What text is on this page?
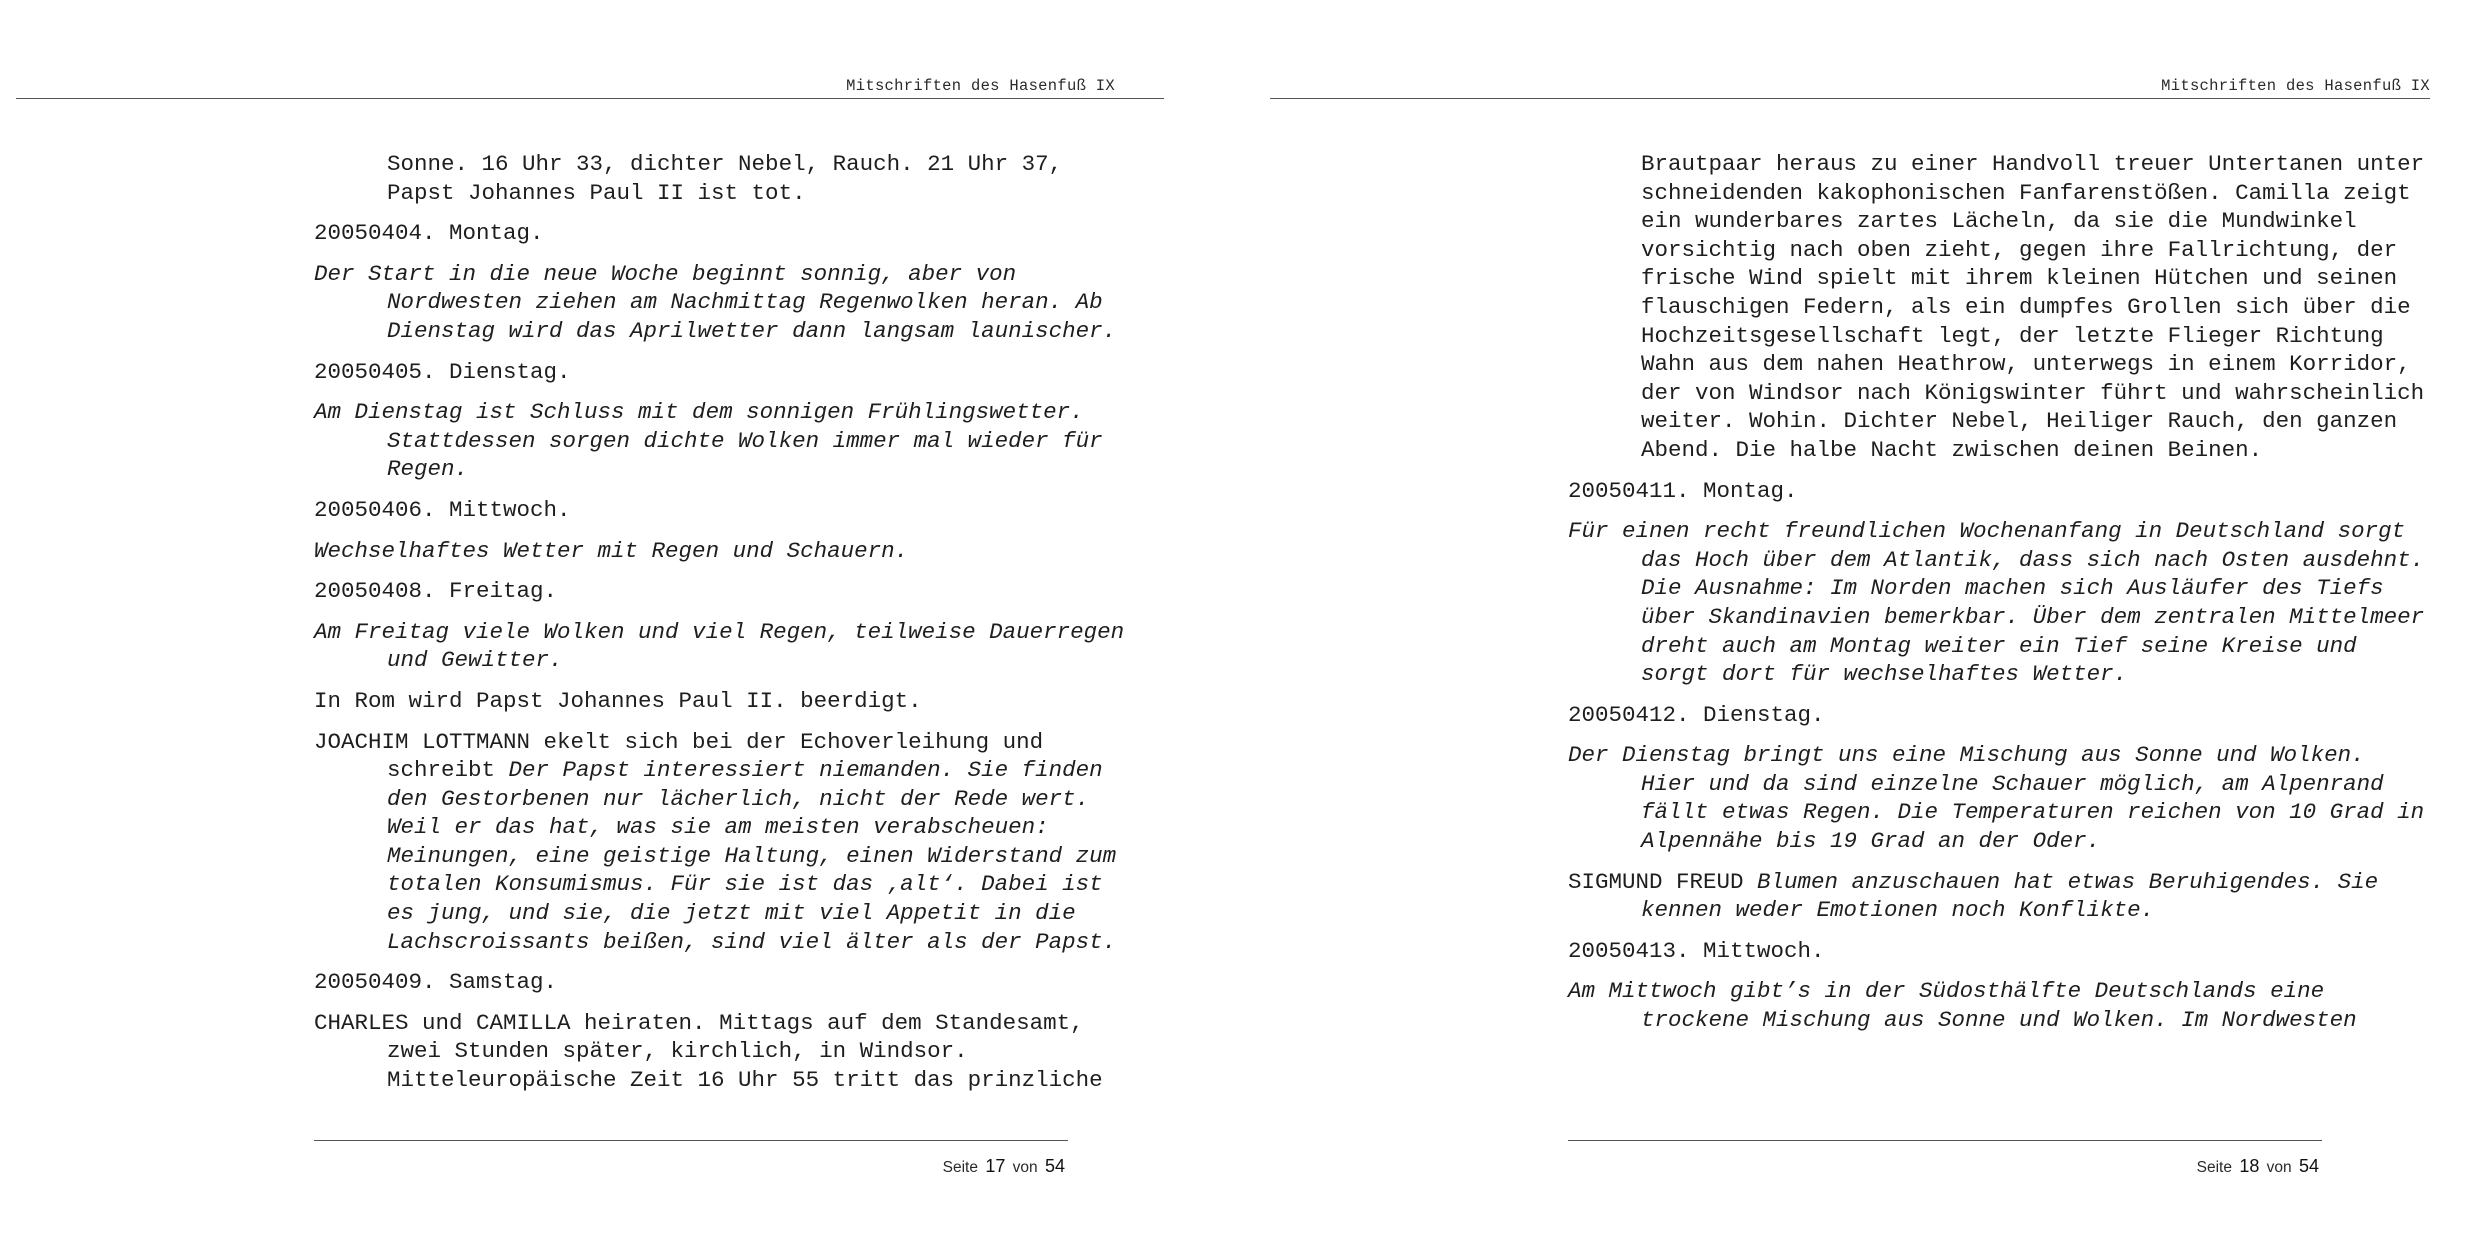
Mitschriften des Hasenfuß IX

Sonne. 16 Uhr 33, dichter Nebel, Rauch. 21 Uhr 37, Papst Johannes Paul II ist tot.

20050404. Montag.

Der Start in die neue Woche beginnt sonnig, aber von Nordwesten ziehen am Nachmittag Regenwolken heran. Ab Dienstag wird das Aprilwetter dann langsam launischer.

20050405. Dienstag.

Am Dienstag ist Schluss mit dem sonnigen Frühlingswetter. Stattdessen sorgen dichte Wolken immer mal wieder für Regen.

20050406. Mittwoch.

Wechselhaftes Wetter mit Regen und Schauern.

20050408. Freitag.

Am Freitag viele Wolken und viel Regen, teilweise Dauerregen und Gewitter.

In Rom wird Papst Johannes Paul II. beerdigt.

JOACHIM LOTTMANN ekelt sich bei der Echoverleihung und schreibt Der Papst interessiert niemanden. Sie finden den Gestorbenen nur lächerlich, nicht der Rede wert. Weil er das hat, was sie am meisten verabscheuen: Meinungen, eine geistige Haltung, einen Widerstand zum totalen Konsumismus. Für sie ist das ‚alt‘. Dabei ist es jung, und sie, die jetzt mit viel Appetit in die Lachscroissants beißen, sind viel älter als der Papst.

20050409. Samstag.

CHARLES und CAMILLA heiraten. Mittags auf dem Standesamt, zwei Stunden später, kirchlich, in Windsor. Mitteleuropäische Zeit 16 Uhr 55 tritt das prinzliche

Seite 17 von 54
Mitschriften des Hasenfuß IX

Brautpaar heraus zu einer Handvoll treuer Untertanen unter schneidenden kakophonischen Fanfarenstößen. Camilla zeigt ein wunderbares zartes Lächeln, da sie die Mundwinkel vorsichtig nach oben zieht, gegen ihre Fallrichtung, der frische Wind spielt mit ihrem kleinen Hütchen und seinen flauschigen Federn, als ein dumpfes Grollen sich über die Hochzeitsgesellschaft legt, der letzte Flieger Richtung Wahn aus dem nahen Heathrow, unterwegs in einem Korridor, der von Windsor nach Königswinter führt und wahrscheinlich weiter. Wohin. Dichter Nebel, Heiliger Rauch, den ganzen Abend. Die halbe Nacht zwischen deinen Beinen.

20050411. Montag.

Für einen recht freundlichen Wochenanfang in Deutschland sorgt das Hoch über dem Atlantik, dass sich nach Osten ausdehnt. Die Ausnahme: Im Norden machen sich Ausläufer des Tiefs über Skandinavien bemerkbar. Über dem zentralen Mittelmeer dreht auch am Montag weiter ein Tief seine Kreise und sorgt dort für wechselhaftes Wetter.

20050412. Dienstag.

Der Dienstag bringt uns eine Mischung aus Sonne und Wolken. Hier und da sind einzelne Schauer möglich, am Alpenrand fällt etwas Regen. Die Temperaturen reichen von 10 Grad in Alpennähe bis 19 Grad an der Oder.

SIGMUND FREUD Blumen anzuschauen hat etwas Beruhigendes. Sie kennen weder Emotionen noch Konflikte.

20050413. Mittwoch.

Am Mittwoch gibt’s in der Südosthälfte Deutschlands eine trockene Mischung aus Sonne und Wolken. Im Nordwesten

Seite 18 von 54
